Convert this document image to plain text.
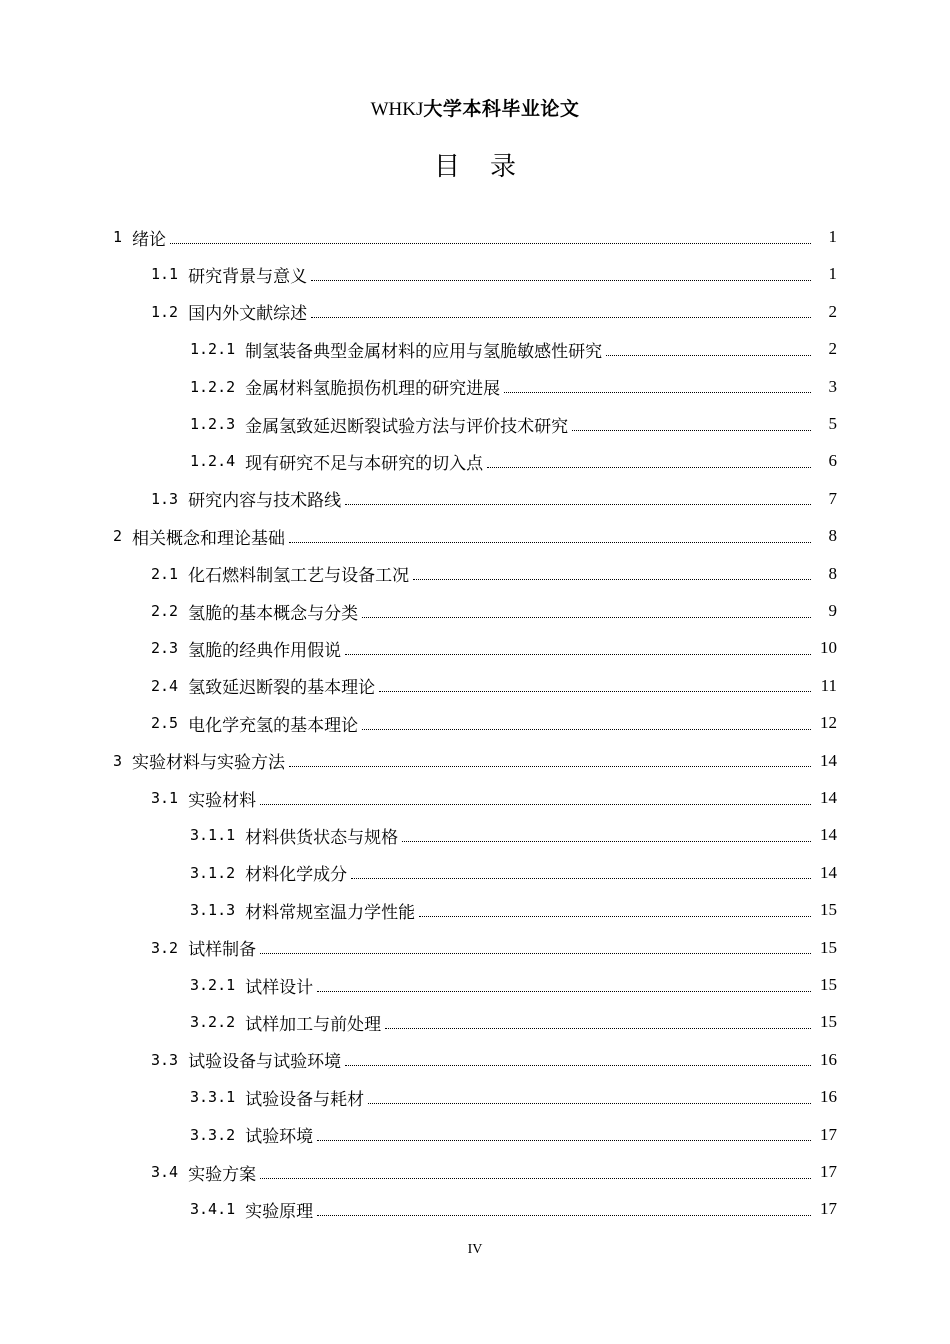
WHKJ大学本科毕业论文
目录
1 绪论	1
1.1 研究背景与意义	1
1.2 国内外文献综述	2
1.2.1 制氢装备典型金属材料的应用与氢脆敏感性研究	2
1.2.2 金属材料氢脆损伤机理的研究进展	3
1.2.3 金属氢致延迟断裂试验方法与评价技术研究	5
1.2.4 现有研究不足与本研究的切入点	6
1.3 研究内容与技术路线	7
2 相关概念和理论基础	8
2.1 化石燃料制氢工艺与设备工况	8
2.2 氢脆的基本概念与分类	9
2.3 氢脆的经典作用假说	10
2.4 氢致延迟断裂的基本理论	11
2.5 电化学充氢的基本理论	12
3 实验材料与实验方法	14
3.1 实验材料	14
3.1.1 材料供货状态与规格	14
3.1.2 材料化学成分	14
3.1.3 材料常规室温力学性能	15
3.2 试样制备	15
3.2.1 试样设计	15
3.2.2 试样加工与前处理	15
3.3 试验设备与试验环境	16
3.3.1 试验设备与耗材	16
3.3.2 试验环境	17
3.4 实验方案	17
3.4.1 实验原理	17
IV
